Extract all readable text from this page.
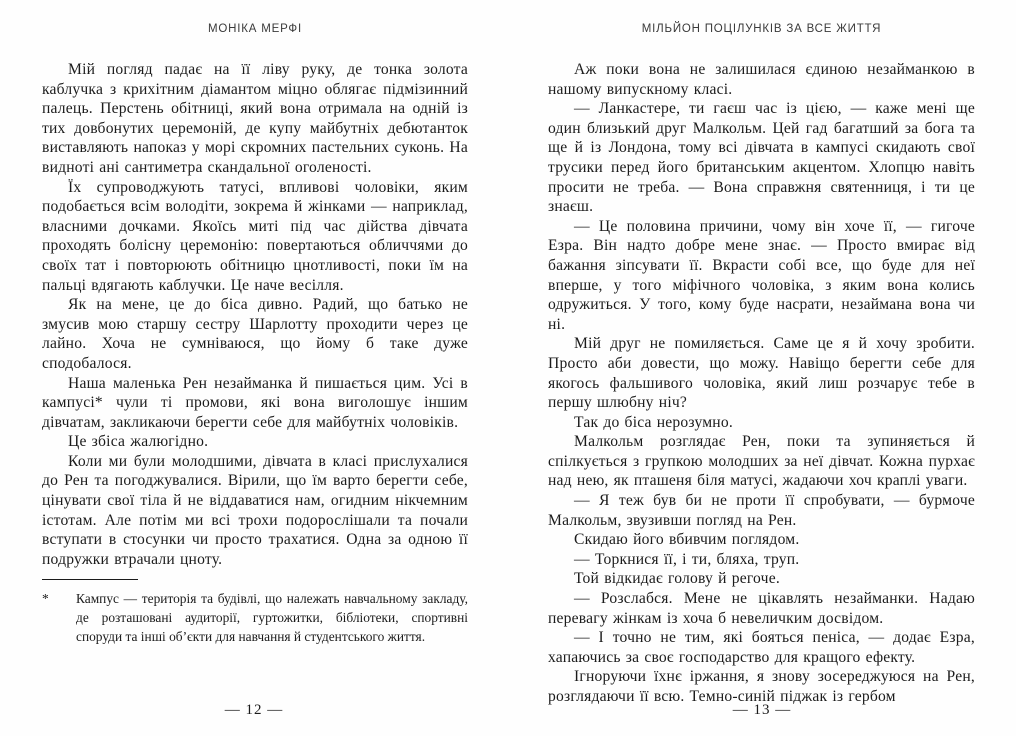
МОНІКА МЕРФІ

Мій погляд падає на її ліву руку, де тонка золота каблучка з крихітним діамантом міцно облягає підмізинний палець. Перстень обітниці, який вона отримала на одній із тих довбонутих церемоній, де купу майбутніх дебютанток виставляють напоказ у морі скромних пастельних суконь. На видноті ані сантиметра скандальної оголеності.

Їх супроводжують татусі, впливові чоловіки, яким подобається всім володіти, зокрема й жінками — наприклад, власними дочками. Якоїсь миті під час дійства дівчата проходять болісну церемонію: повертаються обличчями до своїх тат і повторюють обітницю цнотливості, поки їм на пальці вдягають каблучки. Це наче весілля.

Як на мене, це до біса дивно. Радий, що батько не змусив мою старшу сестру Шарлотту проходити через це лайно. Хоча не сумніваюся, що йому б таке дуже сподобалося.

Наша маленька Рен незайманка й пишається цим. Усі в кампусі* чули ті промови, які вона виголошує іншим дівчатам, закликаючи берегти себе для майбутніх чоловіків.

Це збіса жалюгідно.

Коли ми були молодшими, дівчата в класі прислухалися до Рен та погоджувалися. Вірили, що їм варто берегти себе, цінувати свої тіла й не віддаватися нам, огидним нікчемним істотам. Але потім ми всі трохи подорослішали та почали вступати в стосунки чи просто трахатися. Одна за одною її подружки втрачали цноту.

*	Кампус — територія та будівлі, що належать навчальному закладу, де розташовані аудиторії, гуртожитки, бібліотеки, спортивні споруди та інші об’єкти для навчання й студентського життя.
— 12 —
МІЛЬЙОН ПОЦІЛУНКІВ ЗА ВСЕ ЖИТТЯ

Аж поки вона не залишилася єдиною незайманкою в нашому випускному класі.

— Ланкастере, ти гаєш час із цією, — каже мені ще один близький друг Малкольм. Цей гад багатший за бога та ще й із Лондона, тому всі дівчата в кампусі скидають свої трусики перед його британським акцентом. Хлопцю навіть просити не треба. — Вона справжня святенниця, і ти це знаєш.

— Це половина причини, чому він хоче її, — гигоче Езра. Він надто добре мене знає. — Просто вмирає від бажання зіпсувати її. Вкрасти собі все, що буде для неї вперше, у того міфічного чоловіка, з яким вона колись одружиться. У того, кому буде насрати, незаймана вона чи ні.

Мій друг не помиляється. Саме це я й хочу зробити. Просто аби довести, що можу. Навіщо берегти себе для якогось фальшивого чоловіка, який лиш розчарує тебе в першу шлюбну ніч?

Так до біса нерозумно.

Малкольм розглядає Рен, поки та зупиняється й спілкується з групкою молодших за неї дівчат. Кожна пурхає над нею, як пташеня біля матусі, жадаючи хоч краплі уваги.

— Я теж був би не проти її спробувати, — бурмоче Малкольм, звузивши погляд на Рен.

Скидаю його вбивчим поглядом.

— Торкнися її, і ти, бляха, труп.

Той відкидає голову й регоче.

— Розслабся. Мене не цікавлять незайманки. Надаю перевагу жінкам із хоча б невеличким досвідом.

— І точно не тим, які бояться пеніса, — додає Езра, хапаючись за своє господарство для кращого ефекту.

Ігноруючи їхнє іржання, я знову зосереджуюся на Рен, розглядаючи її всю. Темно-синій піджак із гербом

— 13 —
